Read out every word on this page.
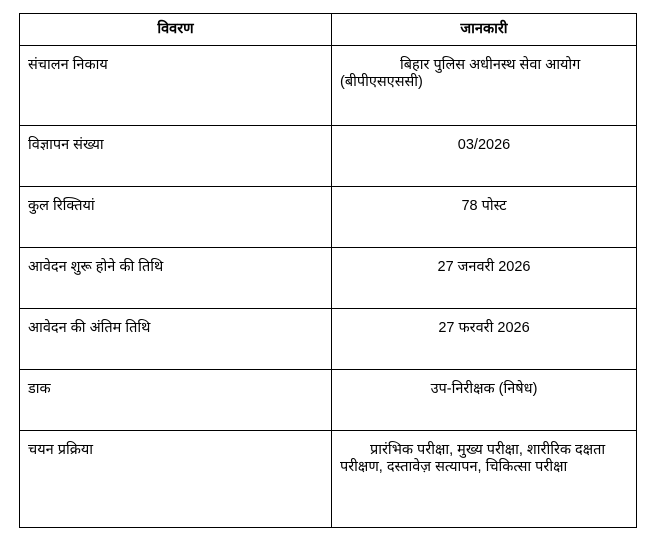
विवरण	जानकारी
संचालन निकाय	बिहार पुलिस अधीनस्थ सेवा आयोग (बीपीएसएससी)

विज्ञापन संख्या	03/2026
कुल रिक्तियां	78 पोस्ट
आवेदन शुरू होने की तिथि	27 जनवरी 2026
आवेदन की अंतिम तिथि	27 फरवरी 2026
डाक	उप-निरीक्षक (निषेध)
चयन प्रक्रिया	प्रारंभिक परीक्षा, मुख्य परीक्षा, शारीरिक दक्षता परीक्षण, दस्तावेज़ सत्यापन, चिकित्सा परीक्षा
